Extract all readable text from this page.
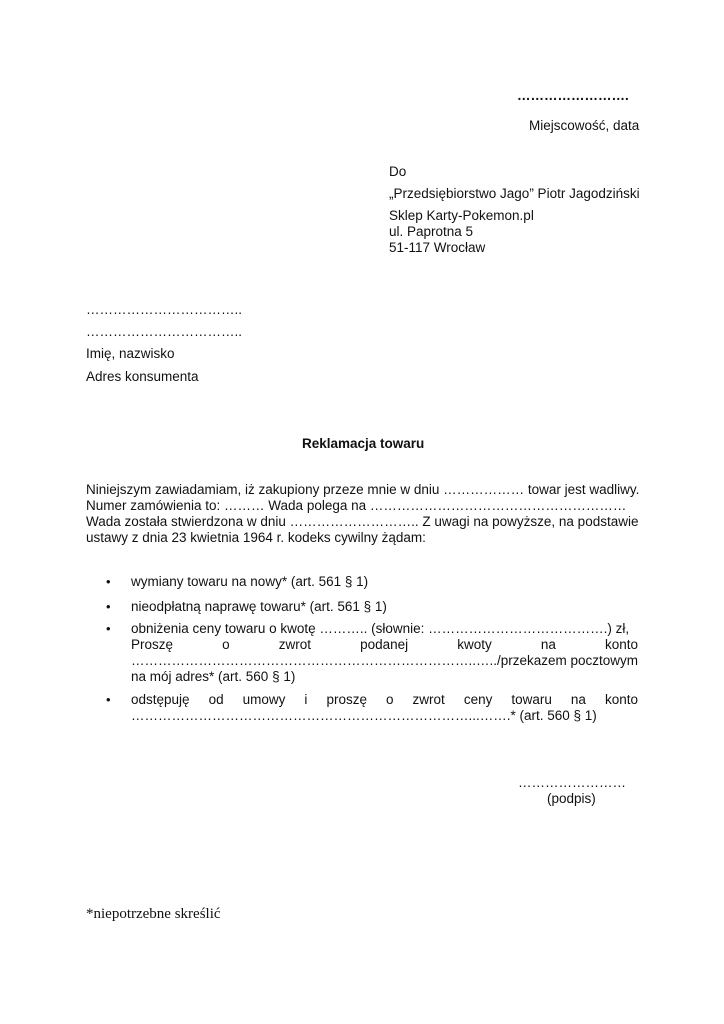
…………………….
Miejscowość, data
Do
„Przedsiębiorstwo Jago” Piotr Jagodziński
Sklep Karty-Pokemon.pl
ul. Paprotna 5
51-117 Wrocław
……………………………..
……………………………..
Imię, nazwisko
Adres konsumenta
Reklamacja towaru
Niniejszym zawiadamiam, iż zakupiony przeze mnie w dniu ……………… towar jest wadliwy.
Numer zamówienia to: ……… Wada polega na …………………………………………………
Wada została stwierdzona w dniu ……………………….. Z uwagi na powyższe, na podstawie
ustawy z dnia 23 kwietnia 1964 r. kodeks cywilny żądam:
• wymiany towaru na nowy* (art. 561 § 1)
• nieodpłatną naprawę towaru* (art. 561 § 1)
• obniżenia ceny towaru o kwotę ……….. (słownie: ………………………………….) zł,
Proszę o zwrot podanej kwoty na konto
…………………………………………………………………..…../przekazem pocztowym
na mój adres* (art. 560 § 1)
• odstępuję od umowy i proszę o zwrot ceny towaru na konto
…………………………………………………………………...…….* (art. 560 § 1)
……………………
(podpis)
*niepotrzebne skreślić
